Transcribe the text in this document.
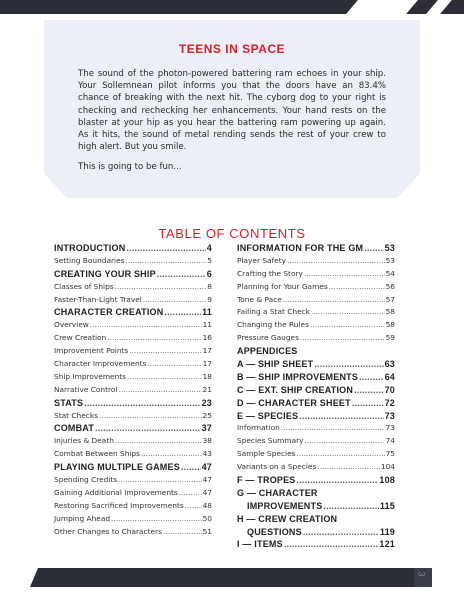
TEENS IN SPACE

The sound of the photon-powered battering ram echoes in your ship. Your Sollemnean pilot informs you that the doors have an 83.4% chance of breaking with the next hit. The cyborg dog to your right is checking and rechecking her enhancements. Your hand rests on the blaster at your hip as you hear the battering ram powering up again. As it hits, the sound of metal rending sends the rest of your crew to high alert. But you smile.

This is going to be fun...

TABLE OF CONTENTS
INTRODUCTION .....	4
Setting Boundaries .....	5
CREATING YOUR SHIP .....	6
Classes of Ships .....	8
Faster-Than-Light Travel .....	9
CHARACTER CREATION .....	11
Overview .....	11
Crew Creation .....	16
Improvement Points .....	17
Character Improvements .....	17
Ship Improvements .....	18
Narrative Control .....	21
STATS .....	23
Stat Checks .....	25
COMBAT .....	37
Injuries & Death .....	38
Combat Between Ships .....	43
PLAYING MULTIPLE GAMES ..... 47
Spending Credits .....	47
Gaining Additional Improvements .....	47
Restoring Sacrificed Improvements .....	48
Jumping Ahead .....	50
Other Changes to Characters .....	51
INFORMATION FOR THE GM ..... 53
Player Safety .....	53
Crafting the Story .....	54
Planning for Your Games .....	56
Tone & Pace .....	57
Failing a Stat Check .....	58
Changing the Rules .....	58
Pressure Gauges .....	59
APPENDICES
A — SHIP SHEET .....	63
B — SHIP IMPROVEMENTS .....	64
C — EXT. SHIP CREATION .....	70
D — CHARACTER SHEET .....	72
E — SPECIES .....	73
Information .....	73
Species Summary .....	74
Sample Species .....	75
Variants on a Species .....	104
F — TROPES .....	108
G — CHARACTER
IMPROVEMENTS .....	115
H — CREW CREATION
QUESTIONS .....	119
I — ITEMS .....	121
3
